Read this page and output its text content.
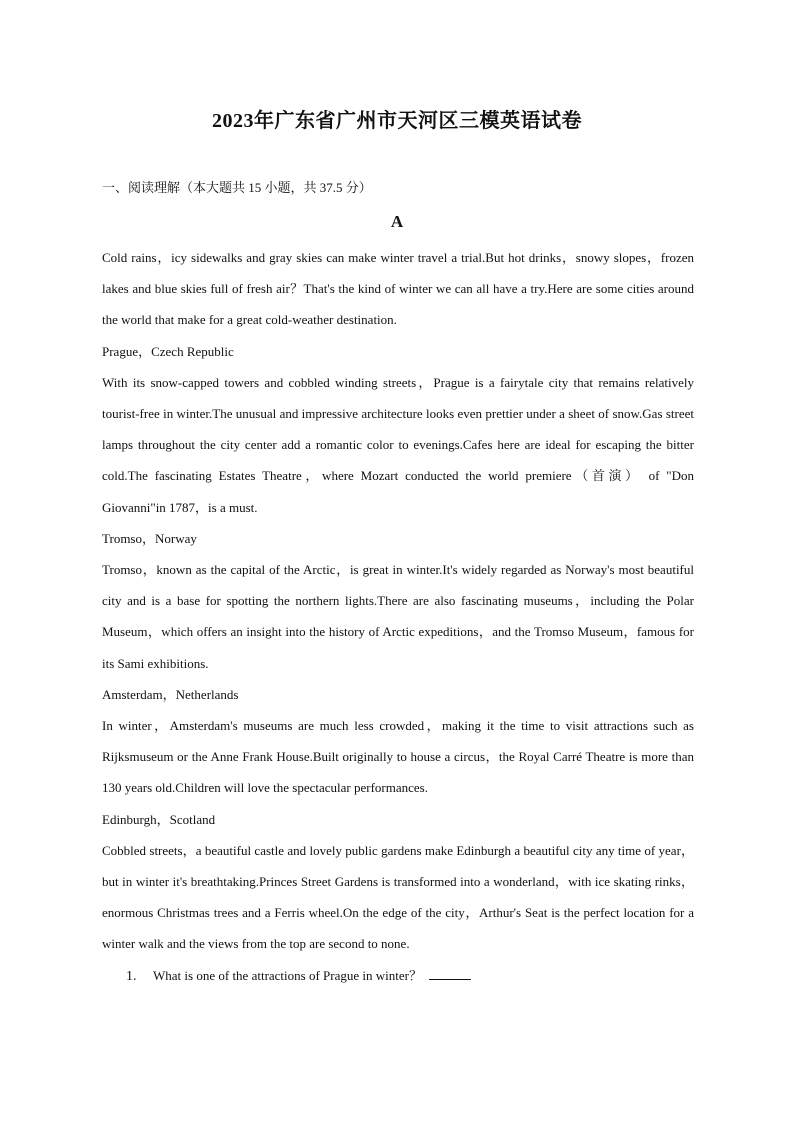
2023年广东省广州市天河区三模英语试卷
一、阅读理解（本大题共 15 小题，共 37.5 分）
A

Cold rains，icy sidewalks and gray skies can make winter travel a trial.But hot drinks，snowy slopes，frozen lakes and blue skies full of fresh air？That's the kind of winter we can all have a try.Here are some cities around the world that make for a great cold-weather destination.

Prague，Czech Republic

With its snow-capped towers and cobbled winding streets，Prague is a fairytale city that remains relatively tourist-free in winter.The unusual and impressive architecture looks even prettier under a sheet of snow.Gas street lamps throughout the city center add a romantic color to evenings.Cafes here are ideal for escaping the bitter cold.The fascinating Estates Theatre，where Mozart conducted the world premiere（首演） of "Don Giovanni"in 1787，is a must.

Tromso，Norway

Tromso，known as the capital of the Arctic，is great in winter.It's widely regarded as Norway's most beautiful city and is a base for spotting the northern lights.There are also fascinating museums，including the Polar Museum，which offers an insight into the history of Arctic expeditions，and the Tromso Museum，famous for its Sami exhibitions.

Amsterdam，Netherlands

In winter，Amsterdam's museums are much less crowded，making it the time to visit attractions such as Rijksmuseum or the Anne Frank House.Built originally to house a circus，the Royal Carré Theatre is more than 130 years old.Children will love the spectacular performances.

Edinburgh，Scotland

Cobbled streets，a beautiful castle and lovely public gardens make Edinburgh a beautiful city any time of year，but in winter it's breathtaking.Princes Street Gardens is transformed into a wonderland，with ice skating rinks，enormous Christmas trees and a Ferris wheel.On the edge of the city，Arthur's Seat is the perfect location for a winter walk and the views from the top are second to none.

1. What is one of the attractions of Prague in winter？
